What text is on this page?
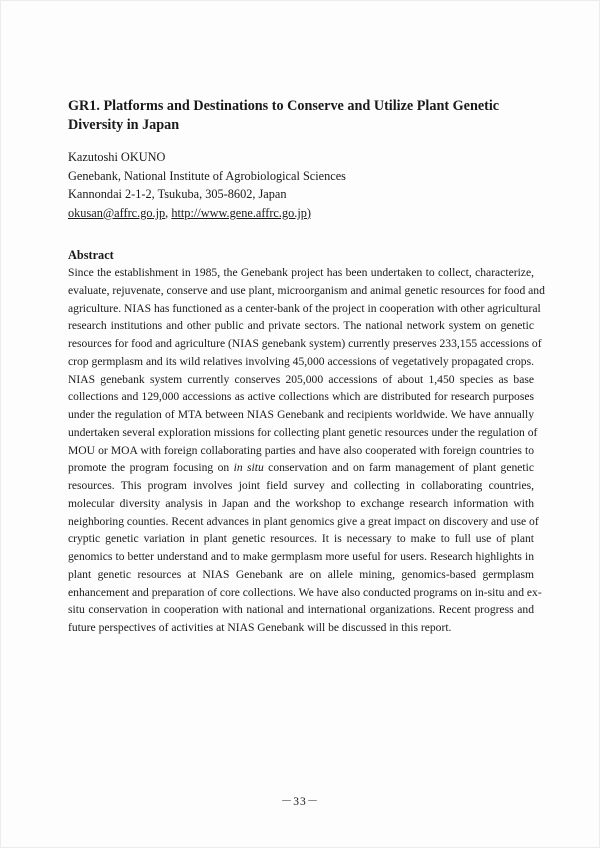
GR1. Platforms and Destinations to Conserve and Utilize Plant Genetic Diversity in Japan
Kazutoshi OKUNO
Genebank, National Institute of Agrobiological Sciences
Kannondai 2-1-2, Tsukuba, 305-8602, Japan
okusan@affrc.go.jp, http://www.gene.affrc.go.jp)
Abstract
Since the establishment in 1985, the Genebank project has been undertaken to collect, characterize,
evaluate, rejuvenate, conserve and use plant, microorganism and animal genetic resources for food and
agriculture. NIAS has functioned as a center-bank of the project in cooperation with other agricultural
research institutions and other public and private sectors. The national network system on genetic
resources for food and agriculture (NIAS genebank system) currently preserves 233,155 accessions of
crop germplasm and its wild relatives involving 45,000 accessions of vegetatively propagated crops.
NIAS genebank system currently conserves 205,000 accessions of about 1,450 species as base
collections and 129,000 accessions as active collections which are distributed for research purposes
under the regulation of MTA between NIAS Genebank and recipients worldwide. We have annually
undertaken several exploration missions for collecting plant genetic resources under the regulation of
MOU or MOA with foreign collaborating parties and have also cooperated with foreign countries to
promote the program focusing on in situ conservation and on farm management of plant genetic
resources. This program involves joint field survey and collecting in collaborating countries,
molecular diversity analysis in Japan and the workshop to exchange research information with
neighboring counties. Recent advances in plant genomics give a great impact on discovery and use of
cryptic genetic variation in plant genetic resources. It is necessary to make to full use of plant
genomics to better understand and to make germplasm more useful for users. Research highlights in
plant genetic resources at NIAS Genebank are on allele mining, genomics-based germplasm
enhancement and preparation of core collections. We have also conducted programs on in-situ and ex-
situ conservation in cooperation with national and international organizations. Recent progress and
future perspectives of activities at NIAS Genebank will be discussed in this report.
－33－
